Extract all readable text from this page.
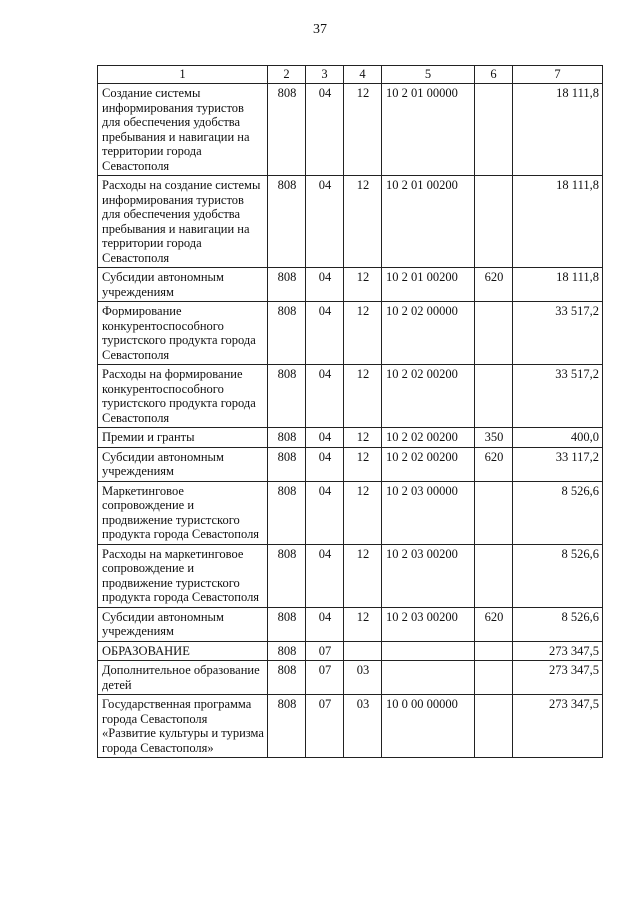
37
1	2	3	4	5	6	7
Создание системы информирования туристов для обеспечения удобства пребывания и навигации на территории города Севастополя	808	04	12	10 2 01 00000		18 111,8
Расходы на создание системы информирования туристов для обеспечения удобства пребывания и навигации на территории города Севастополя	808	04	12	10 2 01 00200		18 111,8
Субсидии автономным учреждениям	808	04	12	10 2 01 00200	620	18 111,8
Формирование конкурентоспособного туристского продукта города Севастополя	808	04	12	10 2 02 00000		33 517,2
Расходы на формирование конкурентоспособного туристского продукта города Севастополя	808	04	12	10 2 02 00200		33 517,2
Премии и гранты	808	04	12	10 2 02 00200	350	400,0
Субсидии автономным учреждениям	808	04	12	10 2 02 00200	620	33 117,2
Маркетинговое сопровождение и продвижение туристского продукта города Севастополя	808	04	12	10 2 03 00000		8 526,6
Расходы на маркетинговое сопровождение и продвижение туристского продукта города Севастополя	808	04	12	10 2 03 00200		8 526,6
Субсидии автономным учреждениям	808	04	12	10 2 03 00200	620	8 526,6
ОБРАЗОВАНИЕ	808	07				273 347,5
Дополнительное образование детей	808	07	03			273 347,5
Государственная программа города Севастополя «Развитие культуры и туризма города Севастополя»	808	07	03	10 0 00 00000		273 347,5
